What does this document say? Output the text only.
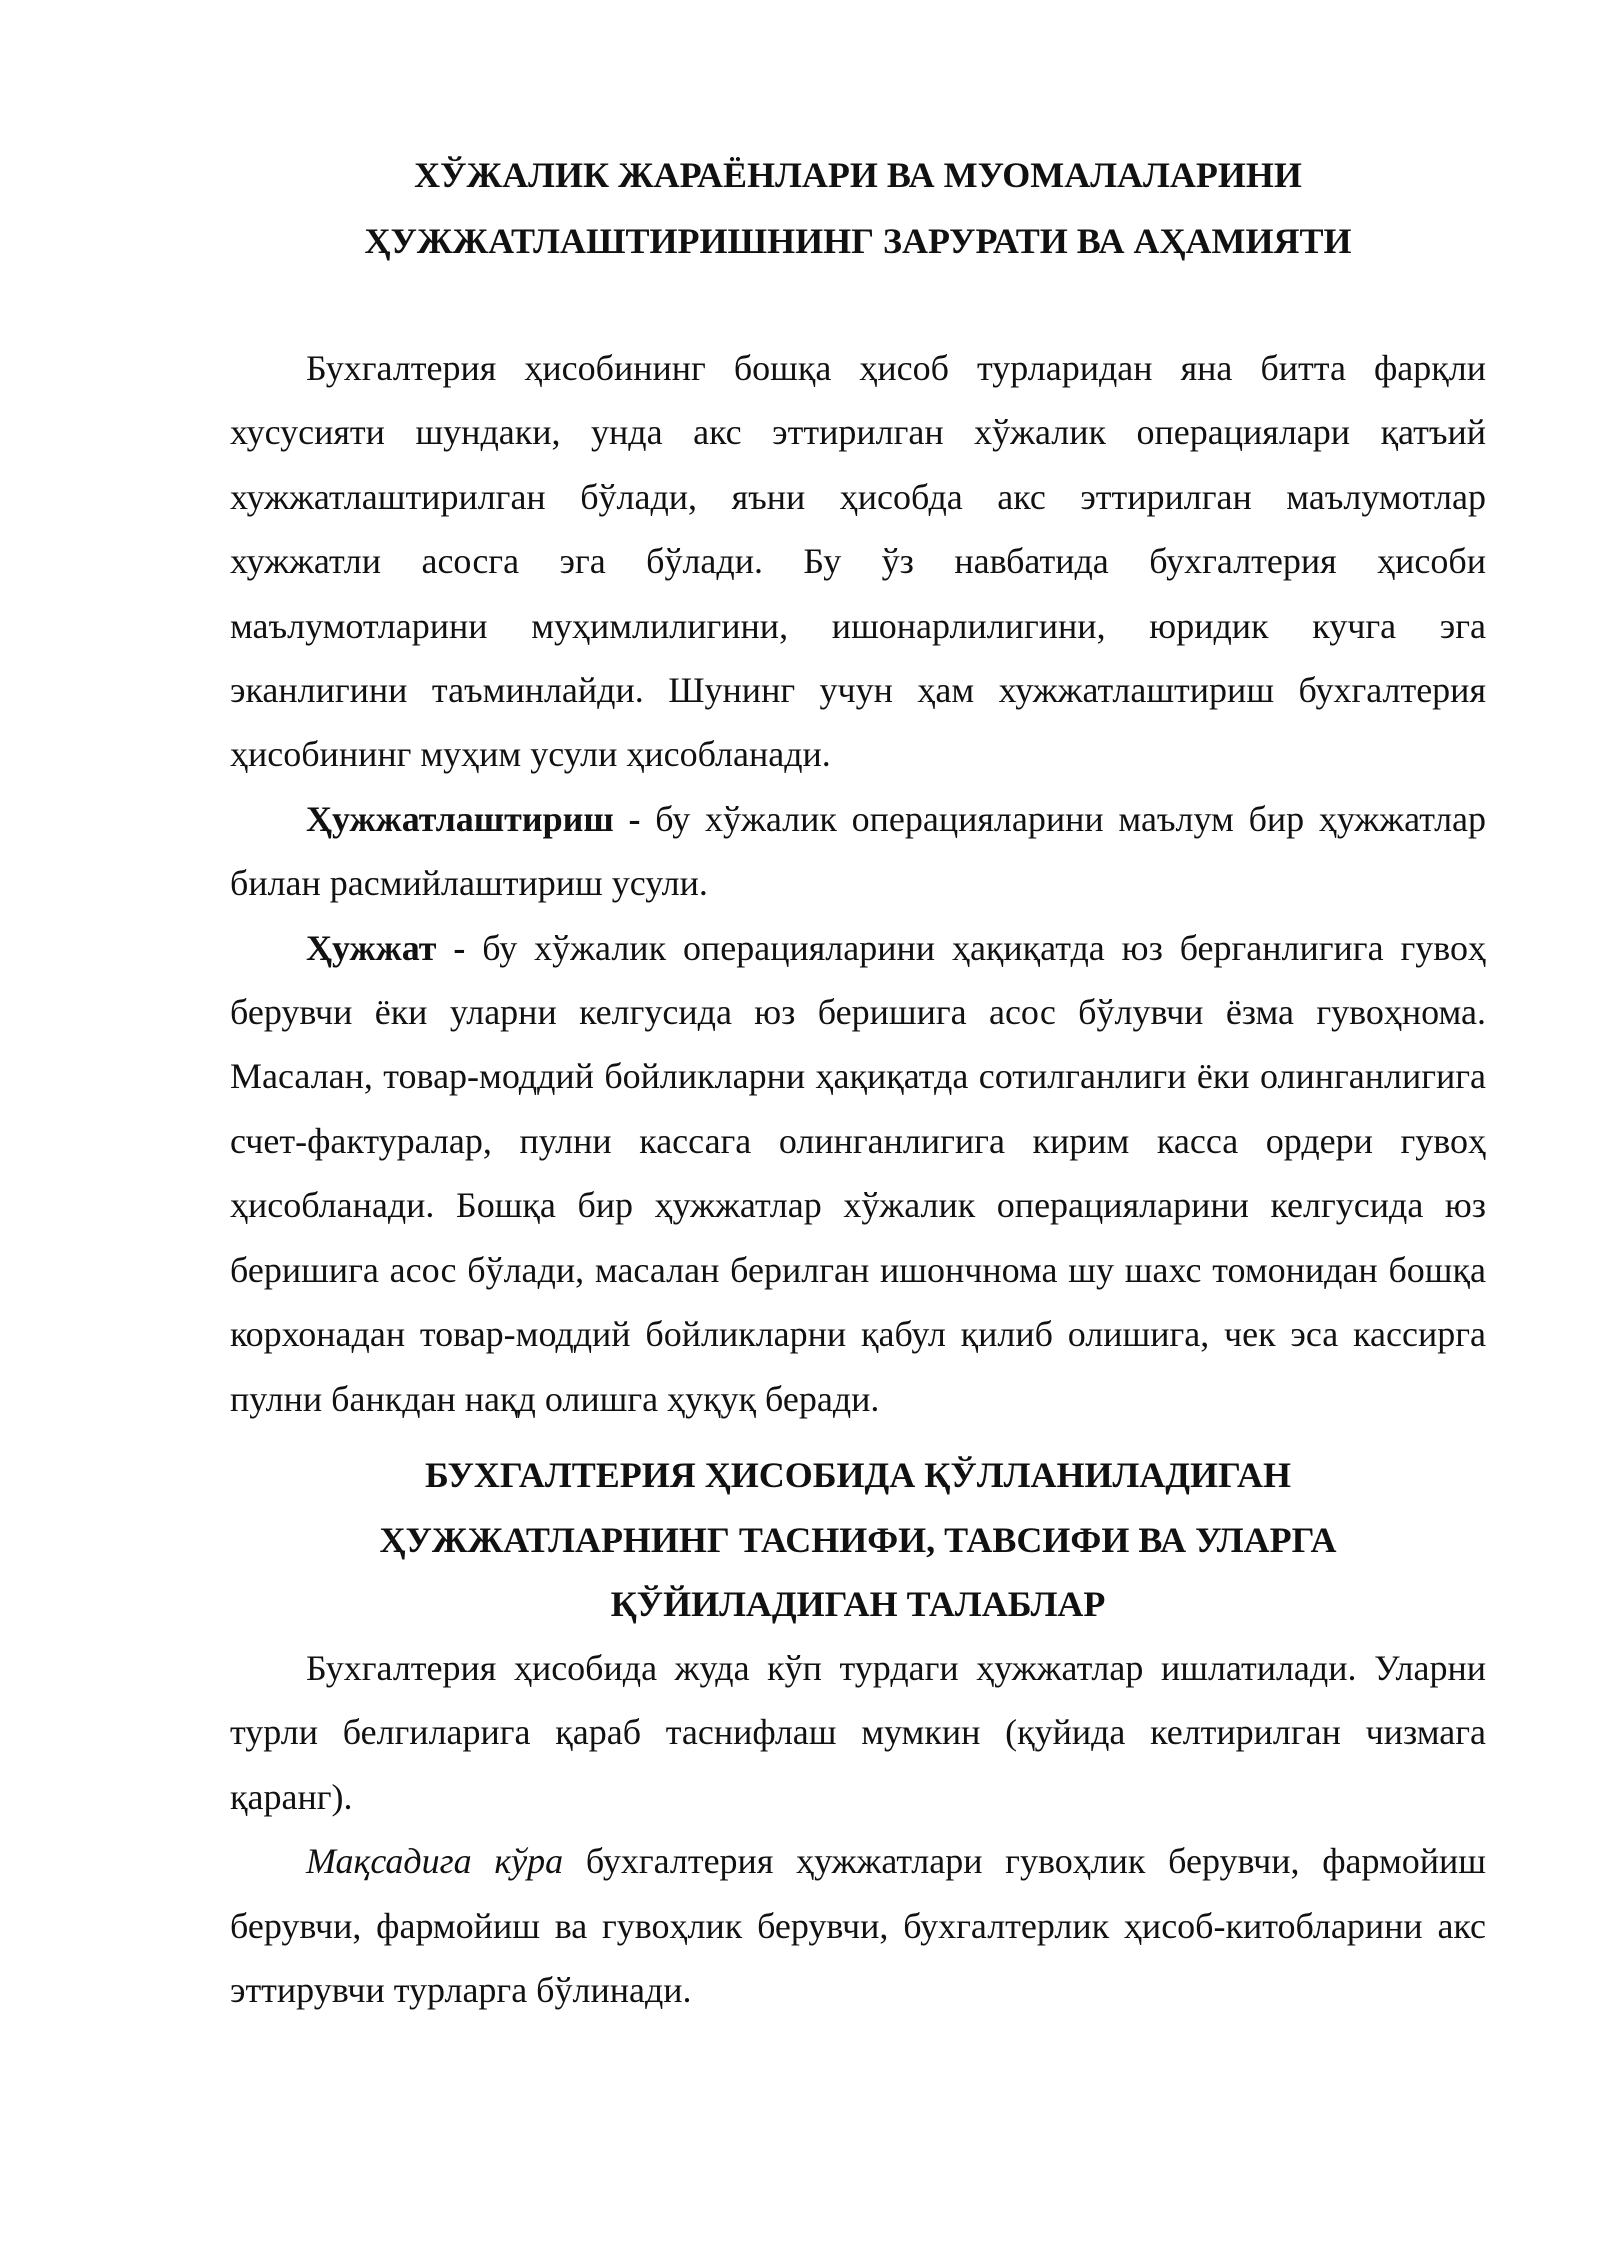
ХЎЖАЛИК ЖАРАЁНЛАРИ ВА МУОМАЛАЛАРИНИ
ҲУЖЖАТЛАШТИРИШНИНГ ЗАРУРАТИ ВА АҲАМИЯТИ

Бухгалтерия ҳисобининг бошқа ҳисоб турларидан яна битта фарқли хусусияти шундаки, унда акс эттирилган хўжалик операциялари қатъий хужжатлаштирилган бўлади, яъни ҳисобда акс эттирилган маълумотлар хужжатли асосга эга бўлади. Бу ўз навбатида бухгалтерия ҳисоби маълумотларини муҳимлилигини, ишонарлилигини, юридик кучга эга эканлигини таъминлайди. Шунинг учун ҳам хужжатлаштириш бухгалтерия ҳисобининг муҳим усули ҳисобланади.

Ҳужжатлаштириш - бу хўжалик операцияларини маълум бир ҳужжатлар билан расмийлаштириш усули.

Ҳужжат - бу хўжалик операцияларини ҳақиқатда юз берганлигига гувоҳ берувчи ёки уларни келгусида юз беришига асос бўлувчи ёзма гувоҳнома. Масалан, товар-моддий бойликларни ҳақиқатда сотилганлиги ёки олинганлигига счет-фактуралар, пулни кассага олинганлигига кирим касса ордери гувоҳ ҳисобланади. Бошқа бир ҳужжатлар хўжалик операцияларини келгусида юз беришига асос бўлади, масалан берилган ишончнома шу шахс томонидан бошқа корхонадан товар-моддий бойликларни қабул қилиб олишига, чек эса кассирга пулни банкдан нақд олишга ҳуқуқ беради.

БУХГАЛТЕРИЯ ҲИСОБИДА ҚЎЛЛАНИЛАДИГАН
ҲУЖЖАТЛАРНИНГ ТАСНИФИ, ТАВСИФИ ВА УЛАРГА
ҚЎЙИЛАДИГАН ТАЛАБЛАР

Бухгалтерия ҳисобида жуда кўп турдаги ҳужжатлар ишлатилади. Уларни турли белгиларига қараб таснифлаш мумкин (қуйида келтирилган чизмага қаранг).

Мақсадига кўра бухгалтерия ҳужжатлари гувоҳлик берувчи, фармойиш берувчи, фармойиш ва гувоҳлик берувчи, бухгалтерлик ҳисоб-китобларини акс эттирувчи турларга бўлинади.
